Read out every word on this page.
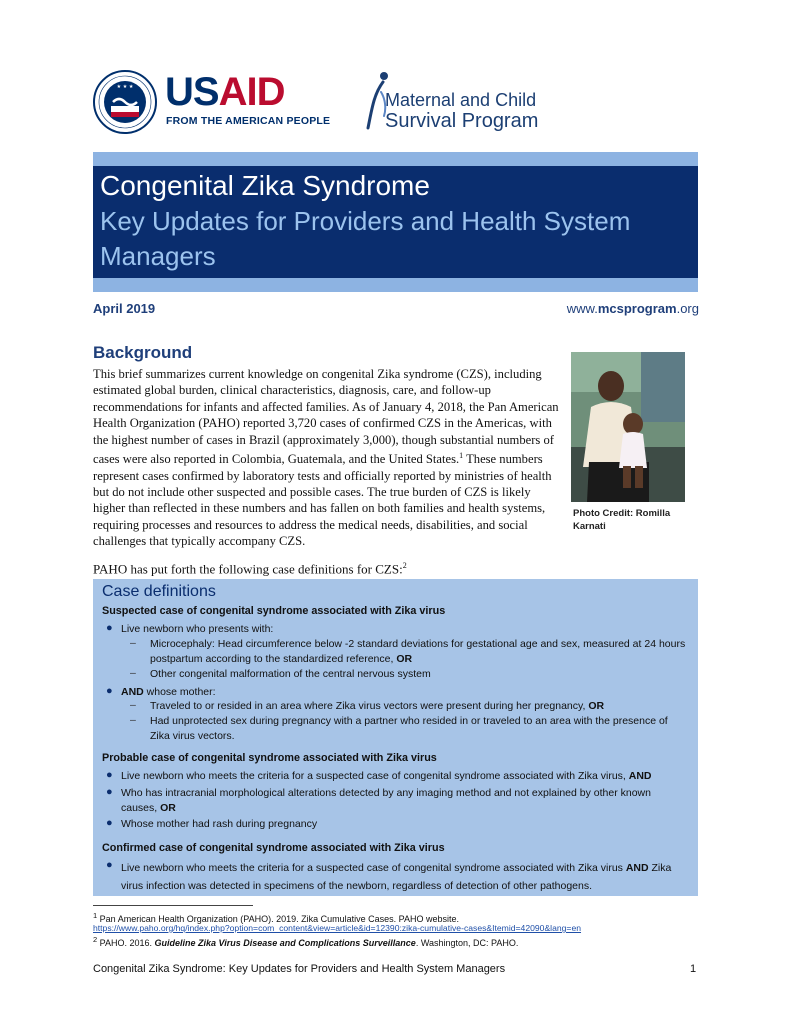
★ ★ ★ USAID
FROM THE AMERICAN PEOPLE
Maternal and Child
Survival Program
Congenital Zika Syndrome
Key Updates for Providers and Health System Managers
April 2019	www.mcsprogram.org
Background
This brief summarizes current knowledge on congenital Zika syndrome (CZS), including estimated global burden, clinical characteristics, diagnosis, care, and follow-up recommendations for infants and affected families. As of January 4, 2018, the Pan American Health Organization (PAHO) reported 3,720 cases of confirmed CZS in the Americas, with the highest number of cases in Brazil (approximately 3,000), though substantial numbers of cases were also reported in Colombia, Guatemala, and the United States.$^1$ These numbers represent cases confirmed by laboratory tests and officially reported by ministries of health but do not include other suspected and possible cases. The true burden of CZS is likely higher than reflected in these numbers and has fallen on both families and health systems, requiring processes and resources to address the medical needs, disabilities, and social challenges that typically accompany CZS.
Photo Credit: Romilla Karnati
PAHO has put forth the following case definitions for CZS:$^2$
Case definitions
Suspected case of congenital syndrome associated with Zika virus
● Live newborn who presents with:
– Microcephaly: Head circumference below -2 standard deviations for gestational age and sex, measured at 24 hours postpartum according to the standardized reference, OR
– Other congenital malformation of the central nervous system
● AND whose mother:
– Traveled to or resided in an area where Zika virus vectors were present during her pregnancy, OR
– Had unprotected sex during pregnancy with a partner who resided in or traveled to an area with the presence of Zika virus vectors.
Probable case of congenital syndrome associated with Zika virus
● Live newborn who meets the criteria for a suspected case of congenital syndrome associated with Zika virus, AND
● Who has intracranial morphological alterations detected by any imaging method and not explained by other known causes, OR
● Whose mother had rash during pregnancy
Confirmed case of congenital syndrome associated with Zika virus
● Live newborn who meets the criteria for a suspected case of congenital syndrome associated with Zika virus AND Zika virus infection was detected in specimens of the newborn, regardless of detection of other pathogens.
$^1$ Pan American Health Organization (PAHO). 2019. Zika Cumulative Cases. PAHO website.
https://www.paho.org/hq/index.php?option=com_content&view=article&id=12390:zika-cumulative-cases&Itemid=42090&lang=en
$^2$ PAHO. 2016. Guideline Zika Virus Disease and Complications Surveillance. Washington, DC: PAHO.
Congenital Zika Syndrome: Key Updates for Providers and Health System Managers	1
